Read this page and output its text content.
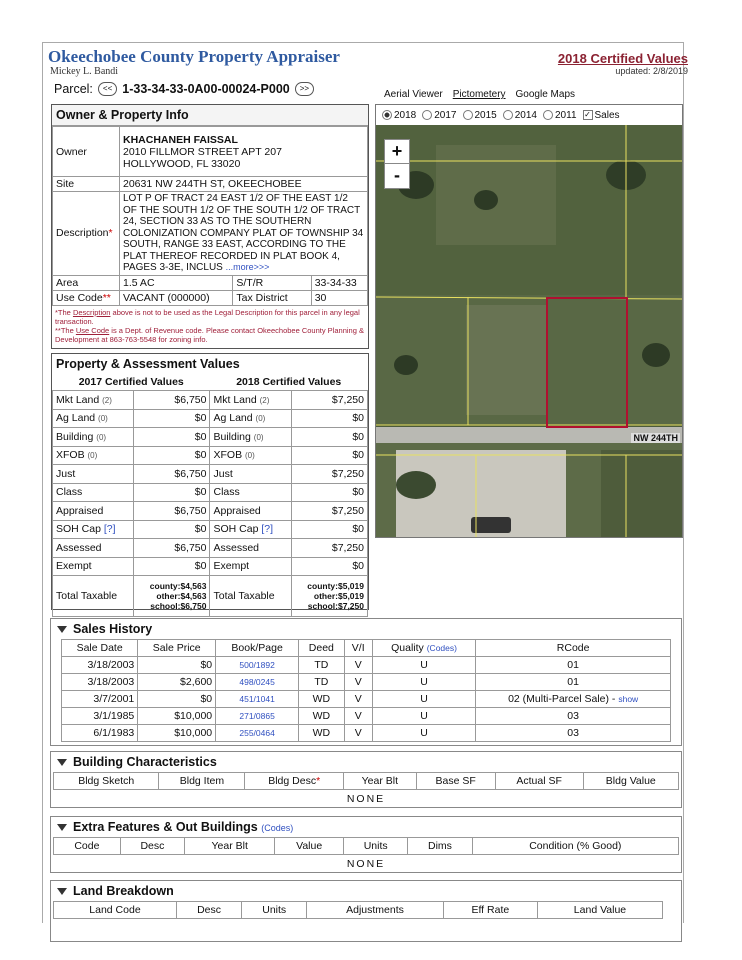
Okeechobee County Property Appraiser
Mickey L. Bandi
2018 Certified Values
updated: 2/8/2019
Parcel:	<< 1-33-34-33-0A00-00024-P000	>>
Owner & Property Info
Owner	KHACHANEH FAISSAL
2010 FILLMOR STREET APT 207
HOLLYWOOD, FL 33020		
Site	20631 NW 244TH ST, OKEECHOBEE		
Description*	LOT P OF TRACT 24 EAST 1/2 OF THE EAST 1/2 OF THE SOUTH 1/2 OF THE SOUTH 1/2 OF TRACT 24, SECTION 33 AS TO THE SOUTHERN COLONIZATION COMPANY PLAT OF TOWNSHIP 34 SOUTH, RANGE 33 EAST, ACCORDING TO THE PLAT THEREOF RECORDED IN PLAT BOOK 4, PAGES 3-3E, INCLUS ...more>>>		
Area	1.5 AC	S/T/R	33-34-33
Use Code**	VACANT (000000)	Tax District	30
*The Description above is not to be used as the Legal Description for this parcel in any legal transaction.
**The Use Code is a Dept. of Revenue code. Please contact Okeechobee County Planning & Development at 863-763-5548 for zoning info.
Property & Assessment Values
2017 Certified Values		2018 Certified Values	
Mkt Land (2)	$6,750	Mkt Land (2)	$7,250
Ag Land (0)	$0	Ag Land (0)	$0
Building (0)	$0	Building (0)	$0
XFOB (0)	$0	XFOB (0)	$0
Just	$6,750	Just	$7,250
Class	$0	Class	$0
Appraised	$6,750	Appraised	$7,250
SOH Cap [?]	$0	SOH Cap [?]	$0
Assessed	$6,750	Assessed	$7,250
Exempt	$0	Exempt	$0
Total Taxable	county:$4,563
other:$4,563
school:$6,750	Total Taxable	county:$5,019
other:$5,019
school:$7,250
Aerial Viewer	Pictometery	Google Maps
2018 2017 2015 2014 2011 ✓ Sales
+
-
NW 244TH
Sales History
Sale Date	Sale Price	Book/Page	Deed	V/I	Quality (Codes)	RCode
3/18/2003	$0	500/1892	TD	V	U	01
3/18/2003	$2,600	498/0245	TD	V	U	01
3/7/2001	$0	451/1041	WD	V	U	02 (Multi-Parcel Sale) - show
3/1/1985	$10,000	271/0865	WD	V	U	03
6/1/1983	$10,000	255/0464	WD	V	U	03
Building Characteristics
Bldg Sketch	Bldg Item	Bldg Desc*	Year Blt	Base SF	Actual SF	Bldg Value
NONE
Extra Features & Out Buildings (Codes)
Code	Desc	Year Blt	Value	Units	Dims	Condition (% Good)
NONE
Land Breakdown
Land Code	Desc	Units	Adjustments	Eff Rate	Land Value
